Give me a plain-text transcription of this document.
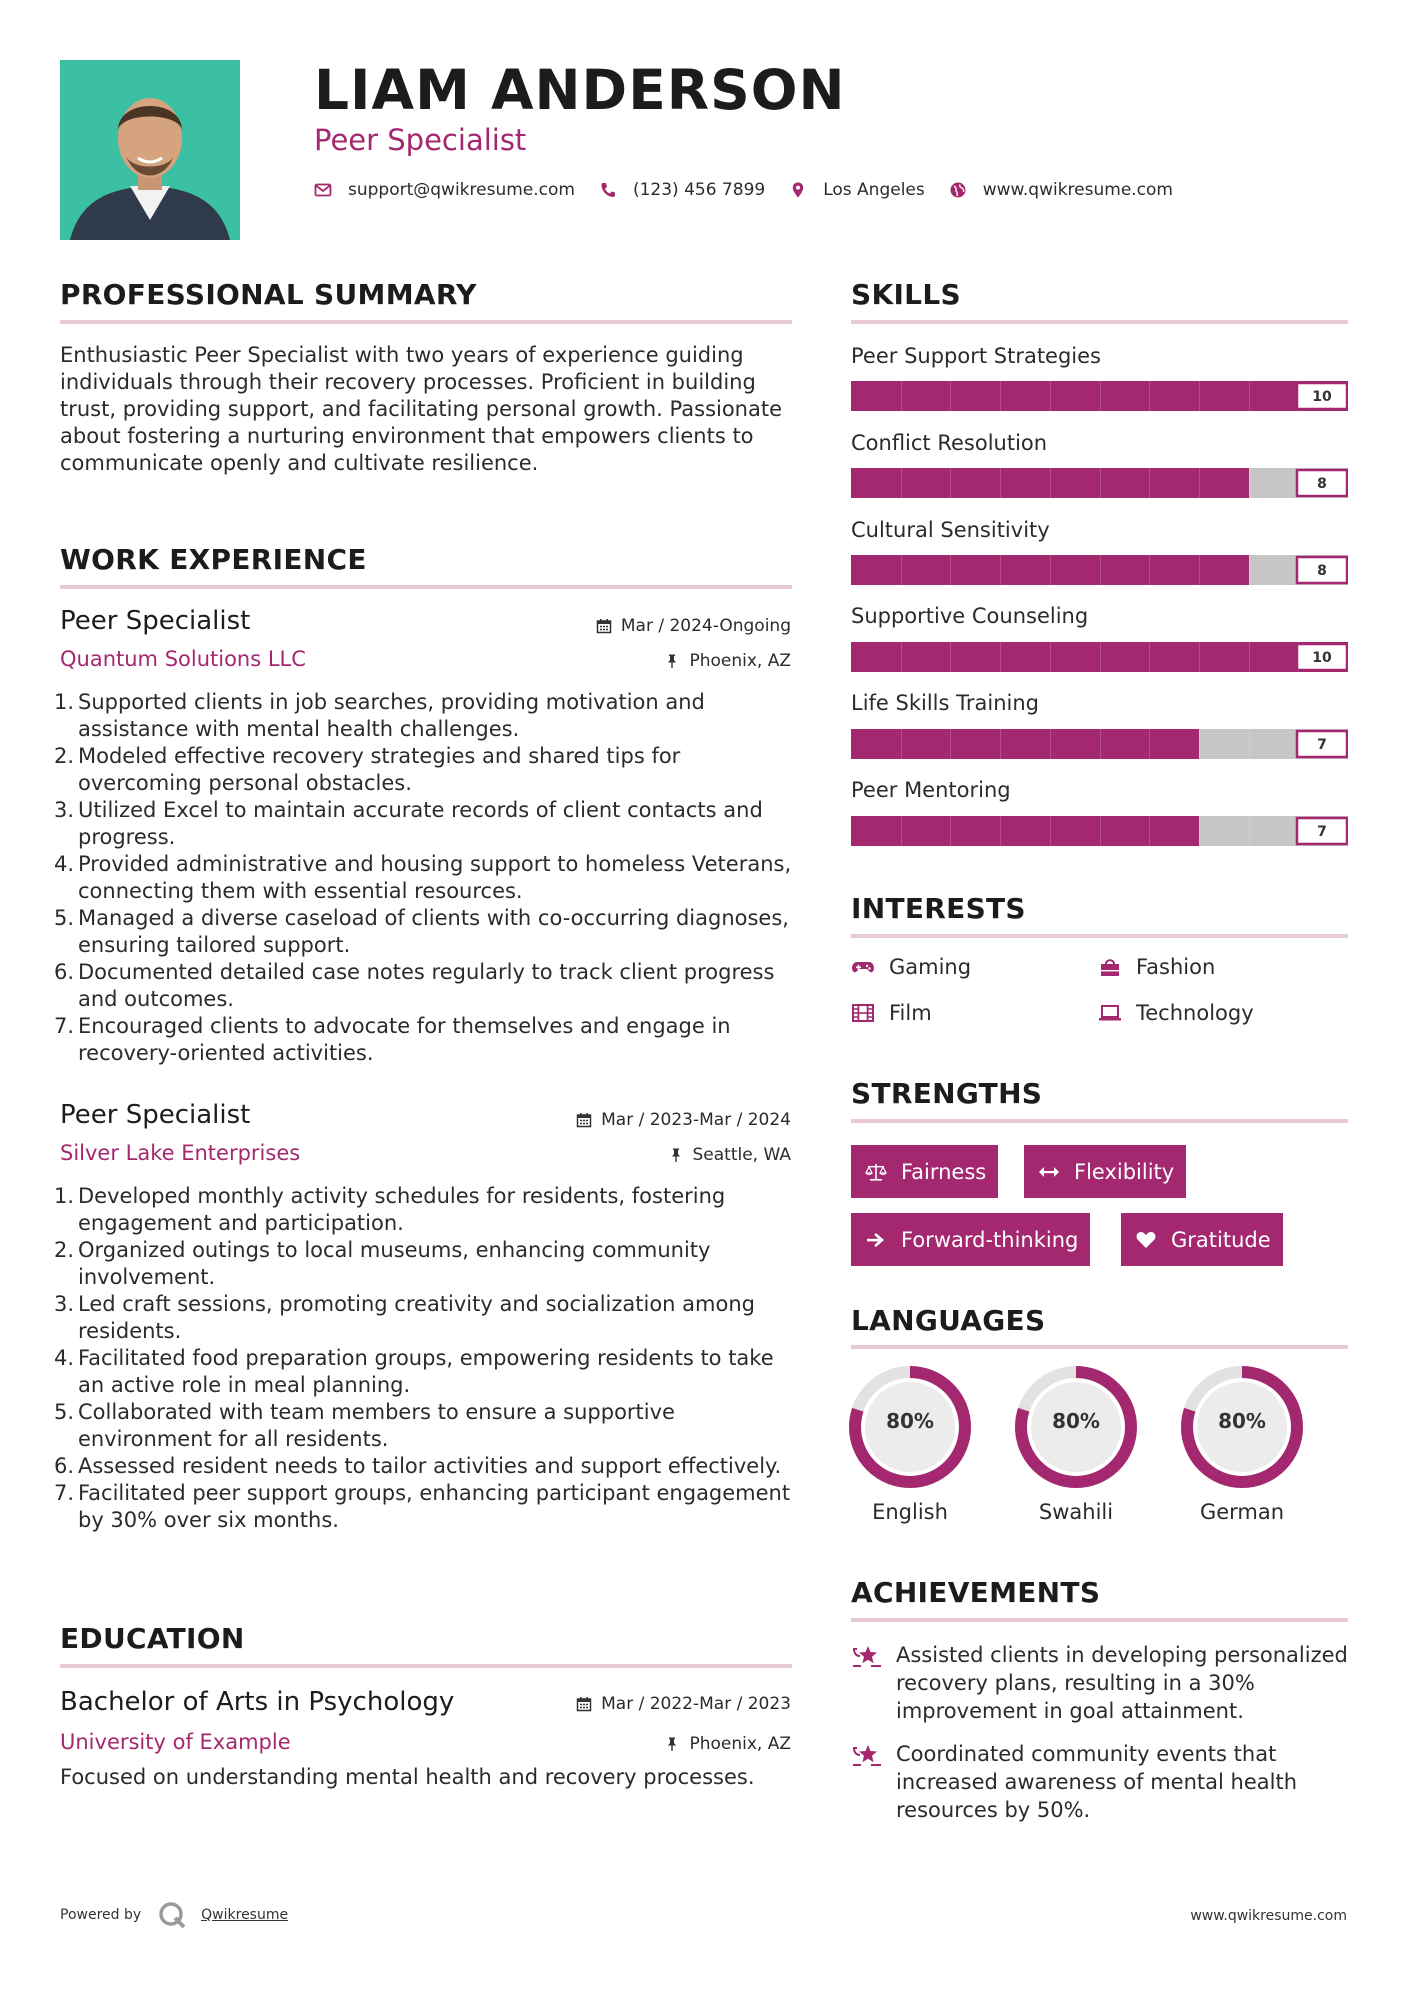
LIAM ANDERSON
Peer Specialist
support@qwikresume.com	(123) 456 7899	Los Angeles	www.qwikresume.com
PROFESSIONAL SUMMARY
Enthusiastic Peer Specialist with two years of experience guiding individuals through their recovery processes. Proficient in building trust, providing support, and facilitating personal growth. Passionate about fostering a nurturing environment that empowers clients to communicate openly and cultivate resilience.
WORK EXPERIENCE
Peer Specialist	Mar / 2024-Ongoing
Quantum Solutions LLC	Phoenix, AZ
1. Supported clients in job searches, providing motivation and assistance with mental health challenges.
2. Modeled effective recovery strategies and shared tips for overcoming personal obstacles.
3. Utilized Excel to maintain accurate records of client contacts and progress.
4. Provided administrative and housing support to homeless Veterans, connecting them with essential resources.
5. Managed a diverse caseload of clients with co-occurring diagnoses, ensuring tailored support.
6. Documented detailed case notes regularly to track client progress and outcomes.
7. Encouraged clients to advocate for themselves and engage in recovery-oriented activities.
Peer Specialist	Mar / 2023-Mar / 2024
Silver Lake Enterprises	Seattle, WA
1. Developed monthly activity schedules for residents, fostering engagement and participation.
2. Organized outings to local museums, enhancing community involvement.
3. Led craft sessions, promoting creativity and socialization among residents.
4. Facilitated food preparation groups, empowering residents to take an active role in meal planning.
5. Collaborated with team members to ensure a supportive environment for all residents.
6. Assessed resident needs to tailor activities and support effectively.
7. Facilitated peer support groups, enhancing participant engagement by 30% over six months.
EDUCATION
Bachelor of Arts in Psychology	Mar / 2022-Mar / 2023
University of Example	Phoenix, AZ
Focused on understanding mental health and recovery processes.
SKILLS
Peer Support Strategies
10
Conflict Resolution
8
Cultural Sensitivity
8
Supportive Counseling
10
Life Skills Training
7
Peer Mentoring
7
INTERESTS
Gaming	Fashion
Film	Technology
STRENGTHS
Fairness	Flexibility
Forward-thinking	Gratitude
LANGUAGES
80%
English
80%
Swahili
80%
German
ACHIEVEMENTS
Assisted clients in developing personalized recovery plans, resulting in a 30% improvement in goal attainment.
Coordinated community events that increased awareness of mental health resources by 50%.
Powered by	Qwikresume	www.qwikresume.com
